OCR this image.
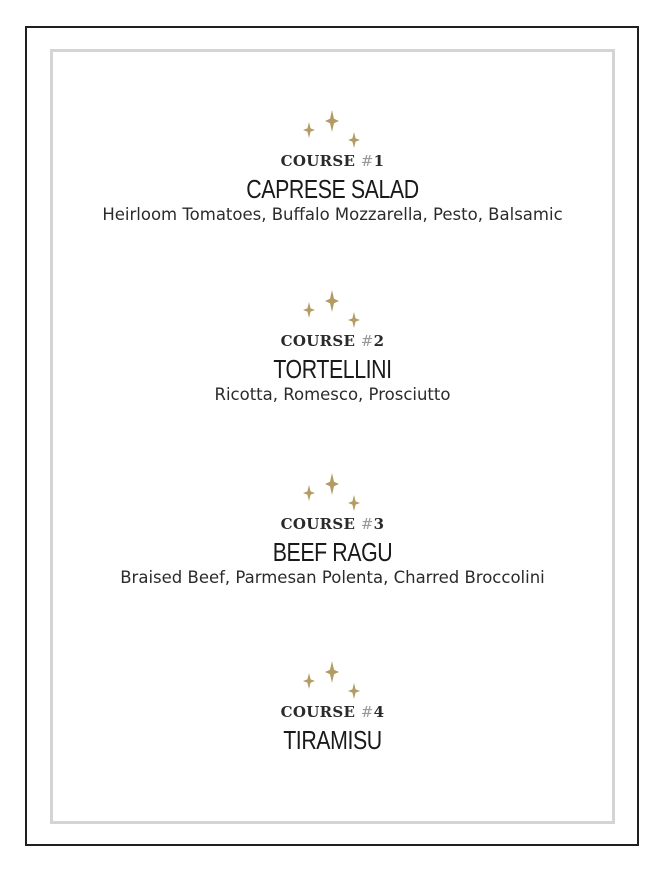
COURSE #1
CAPRESE SALAD
Heirloom Tomatoes, Buffalo Mozzarella, Pesto, Balsamic
COURSE #2
TORTELLINI
Ricotta, Romesco, Prosciutto
COURSE #3
BEEF RAGU
Braised Beef, Parmesan Polenta, Charred Broccolini
COURSE #4
TIRAMISU
